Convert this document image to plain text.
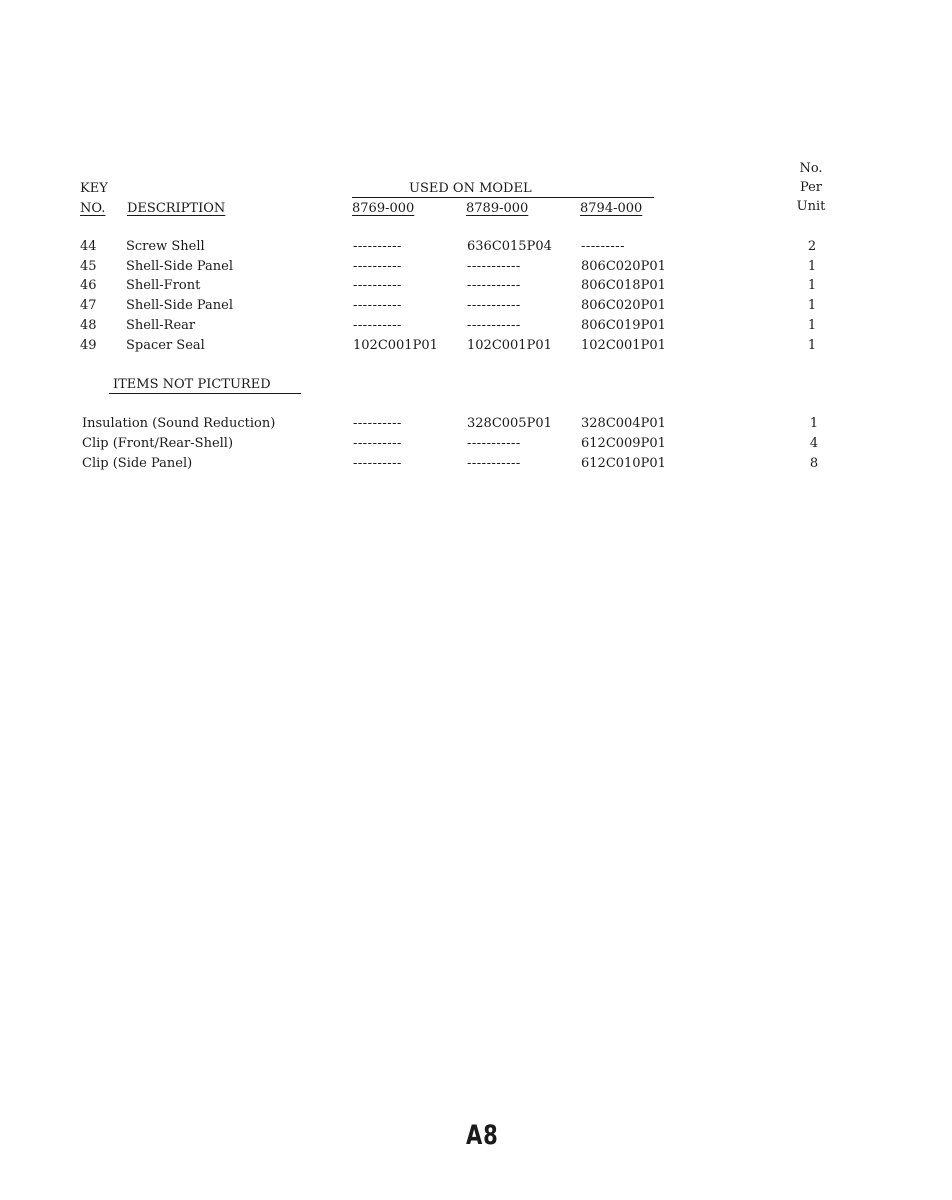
No.
KEY	USED ON MODEL	Per
NO. DESCRIPTION	8769-000	8789-000	8794-000	Unit
44 Screw Shell	----------	636C015P04 ---------	2
45 Shell-Side Panel	----------	-----------	806C020P01	1
46 Shell-Front	----------	-----------	806C018P01	1
47 Shell-Side Panel	----------	-----------	806C020P01	1
48 Shell-Rear	----------	-----------	806C019P01	1
49 Spacer Seal	102C001P01 102C001P01 102C001P01	1
ITEMS NOT PICTURED
Insulation (Sound Reduction)	----------	328C005P01 328C004P01	1
Clip (Front/Rear-Shell)	----------	-----------	612C009P01	4
Clip (Side Panel)	----------	-----------	612C010P01	8
A8
